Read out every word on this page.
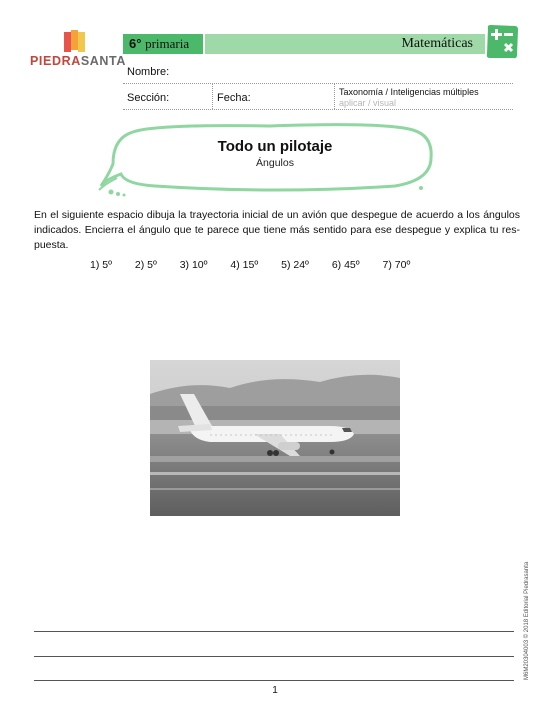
PIEDRASANTA
6° primaria	Matemáticas
Nombre:
Sección:	Fecha:	Taxonomía / Inteligencias múltiples
aplicar / visual
Todo un pilotaje
Ángulos
En el siguiente espacio dibuja la trayectoria inicial de un avión que despegue de acuerdo a los ángulos indicados. Encierra el ángulo que te parece que tiene más sentido para ese despegue y explica tu res-puesta.
1) 5º 2) 5º 3) 10º 4) 15º 5) 24º 6) 45º 7) 70º
1
M6M20304003 © 2018 Editorial Piedrasanta
